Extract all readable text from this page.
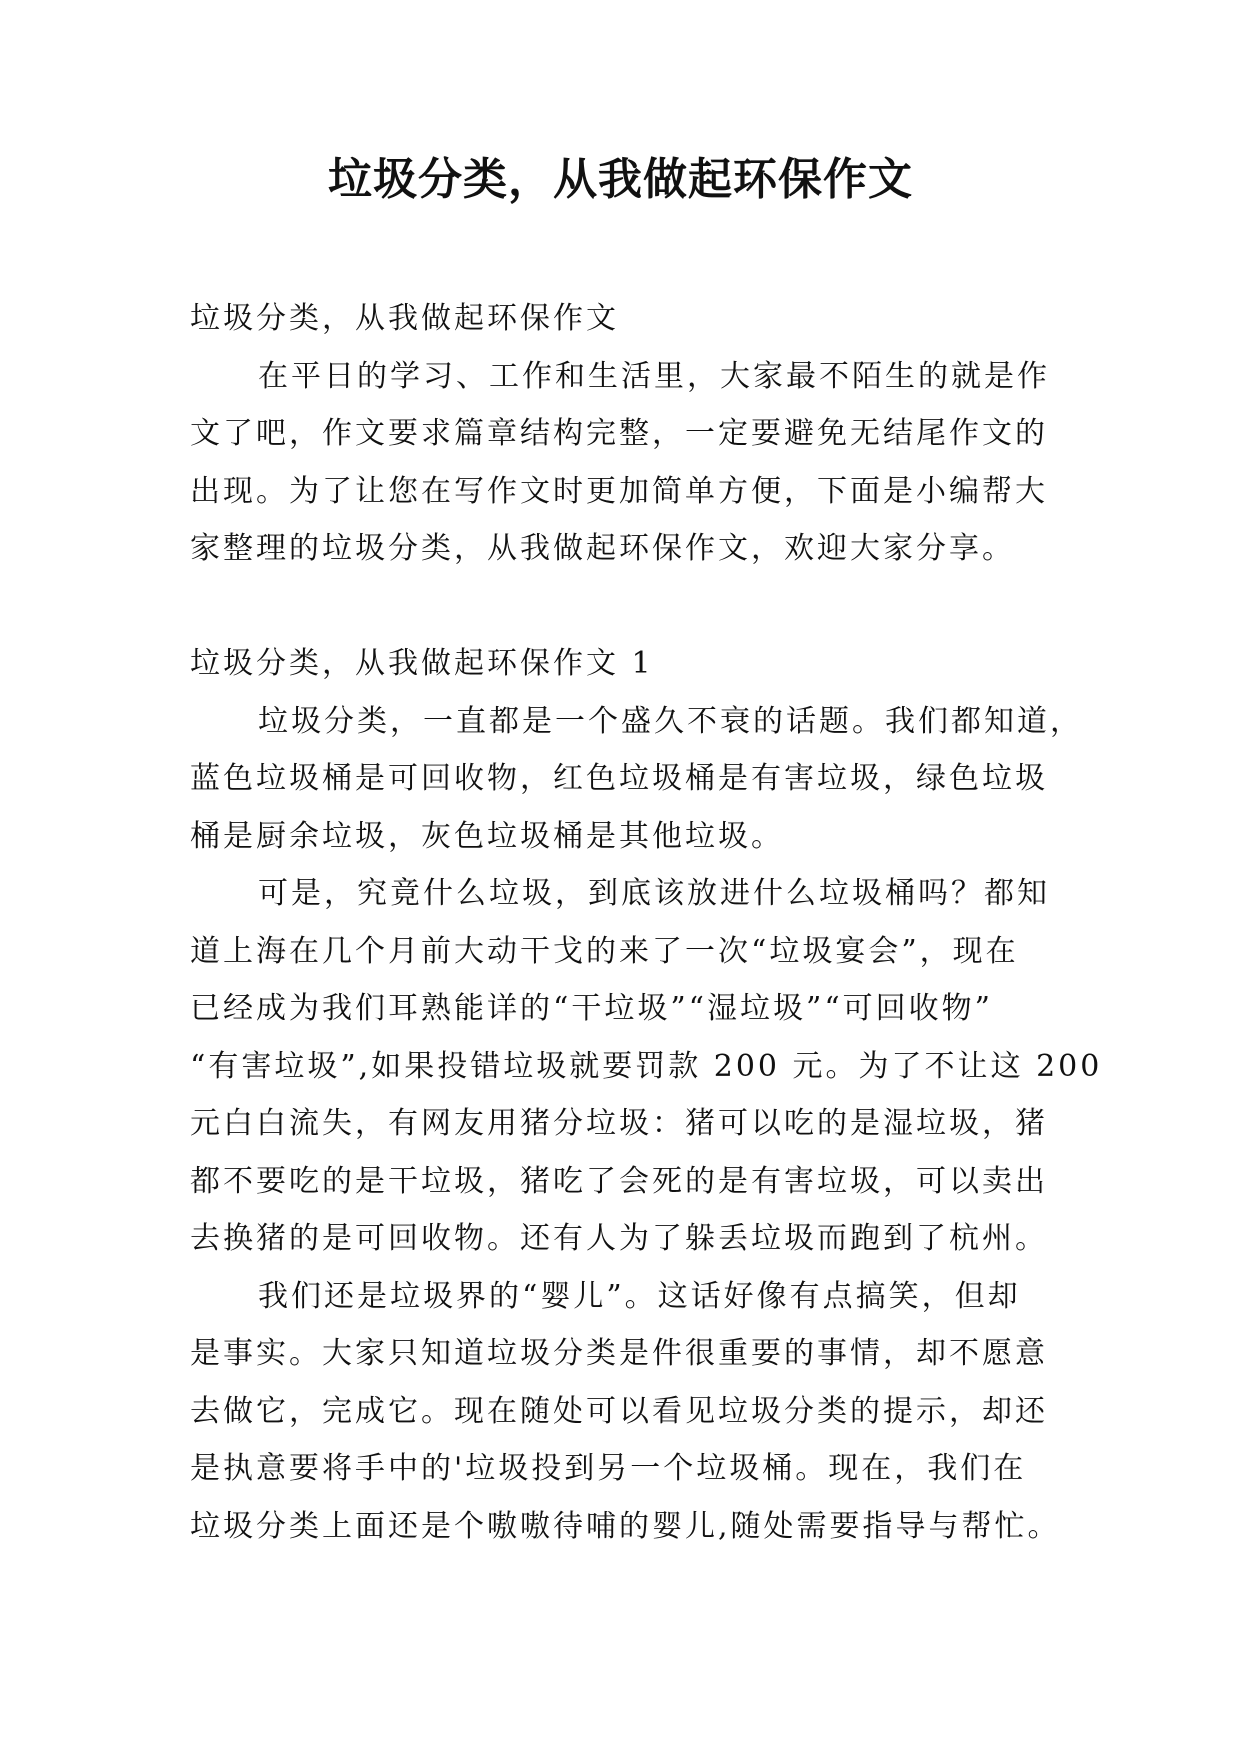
垃圾分类，从我做起环保作文
垃圾分类，从我做起环保作文
在平日的学习、工作和生活里，大家最不陌生的就是作
文了吧，作文要求篇章结构完整，一定要避免无结尾作文的
出现。为了让您在写作文时更加简单方便，下面是小编帮大
家整理的垃圾分类，从我做起环保作文，欢迎大家分享。
垃圾分类，从我做起环保作文 1
垃圾分类，一直都是一个盛久不衰的话题。我们都知道，
蓝色垃圾桶是可回收物，红色垃圾桶是有害垃圾，绿色垃圾
桶是厨余垃圾，灰色垃圾桶是其他垃圾。
可是，究竟什么垃圾，到底该放进什么垃圾桶吗？都知
道上海在几个月前大动干戈的来了一次“垃圾宴会”，现在
已经成为我们耳熟能详的“干垃圾”“湿垃圾”“可回收物”
“有害垃圾”,如果投错垃圾就要罚款 200 元。为了不让这 200
元白白流失，有网友用猪分垃圾：猪可以吃的是湿垃圾，猪
都不要吃的是干垃圾，猪吃了会死的是有害垃圾，可以卖出
去换猪的是可回收物。还有人为了躲丢垃圾而跑到了杭州。
我们还是垃圾界的“婴儿”。这话好像有点搞笑，但却
是事实。大家只知道垃圾分类是件很重要的事情，却不愿意
去做它，完成它。现在随处可以看见垃圾分类的提示，却还
是执意要将手中的'垃圾投到另一个垃圾桶。现在，我们在
垃圾分类上面还是个嗷嗷待哺的婴儿,随处需要指导与帮忙。
